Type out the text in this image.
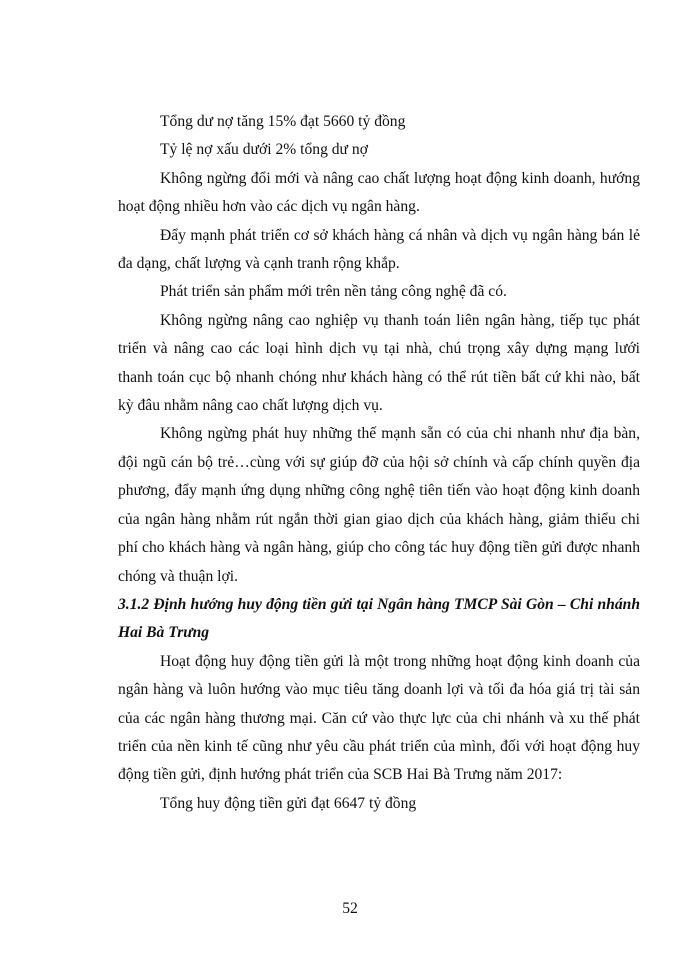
Tổng dư nợ tăng 15% đạt 5660 tỷ đồng

Tỷ lệ nợ xấu dưới 2% tổng dư nợ

Không ngừng đổi mới và nâng cao chất lượng hoạt động kinh doanh, hướng hoạt động nhiều hơn vào các dịch vụ ngân hàng.

Đẩy mạnh phát triển cơ sở khách hàng cá nhân và dịch vụ ngân hàng bán lẻ đa dạng, chất lượng và cạnh tranh rộng khắp.

Phát triển sản phẩm mới trên nền tảng công nghệ đã có.

Không ngừng nâng cao nghiệp vụ thanh toán liên ngân hàng, tiếp tục phát triển và nâng cao các loại hình dịch vụ tại nhà, chú trọng xây dựng mạng lưới thanh toán cục bộ nhanh chóng như khách hàng có thể rút tiền bất cứ khi nào, bất kỳ đâu nhằm nâng cao chất lượng dịch vụ.

Không ngừng phát huy những thế mạnh sẵn có của chi nhanh như địa bàn, đội ngũ cán bộ trẻ…cùng với sự giúp đỡ của hội sở chính và cấp chính quyền địa phương, đẩy mạnh ứng dụng những công nghệ tiên tiến vào hoạt động kinh doanh của ngân hàng nhằm rút ngắn thời gian giao dịch của khách hàng, giảm thiểu chi phí cho khách hàng và ngân hàng, giúp cho công tác huy động tiền gửi được nhanh chóng và thuận lợi.

3.1.2 Định hướng huy động tiền gửi tại Ngân hàng TMCP Sài Gòn – Chi nhánh Hai Bà Trưng

Hoạt động huy động tiền gửi là một trong những hoạt động kinh doanh của ngân hàng và luôn hướng vào mục tiêu tăng doanh lợi và tối đa hóa giá trị tài sản của các ngân hàng thương mại. Căn cứ vào thực lực của chi nhánh và xu thế phát triển của nền kinh tế cũng như yêu cầu phát triển của mình, đối với hoạt động huy động tiền gửi, định hướng phát triển của SCB Hai Bà Trưng năm 2017:

Tổng huy động tiền gửi đạt 6647 tỷ đồng

52
